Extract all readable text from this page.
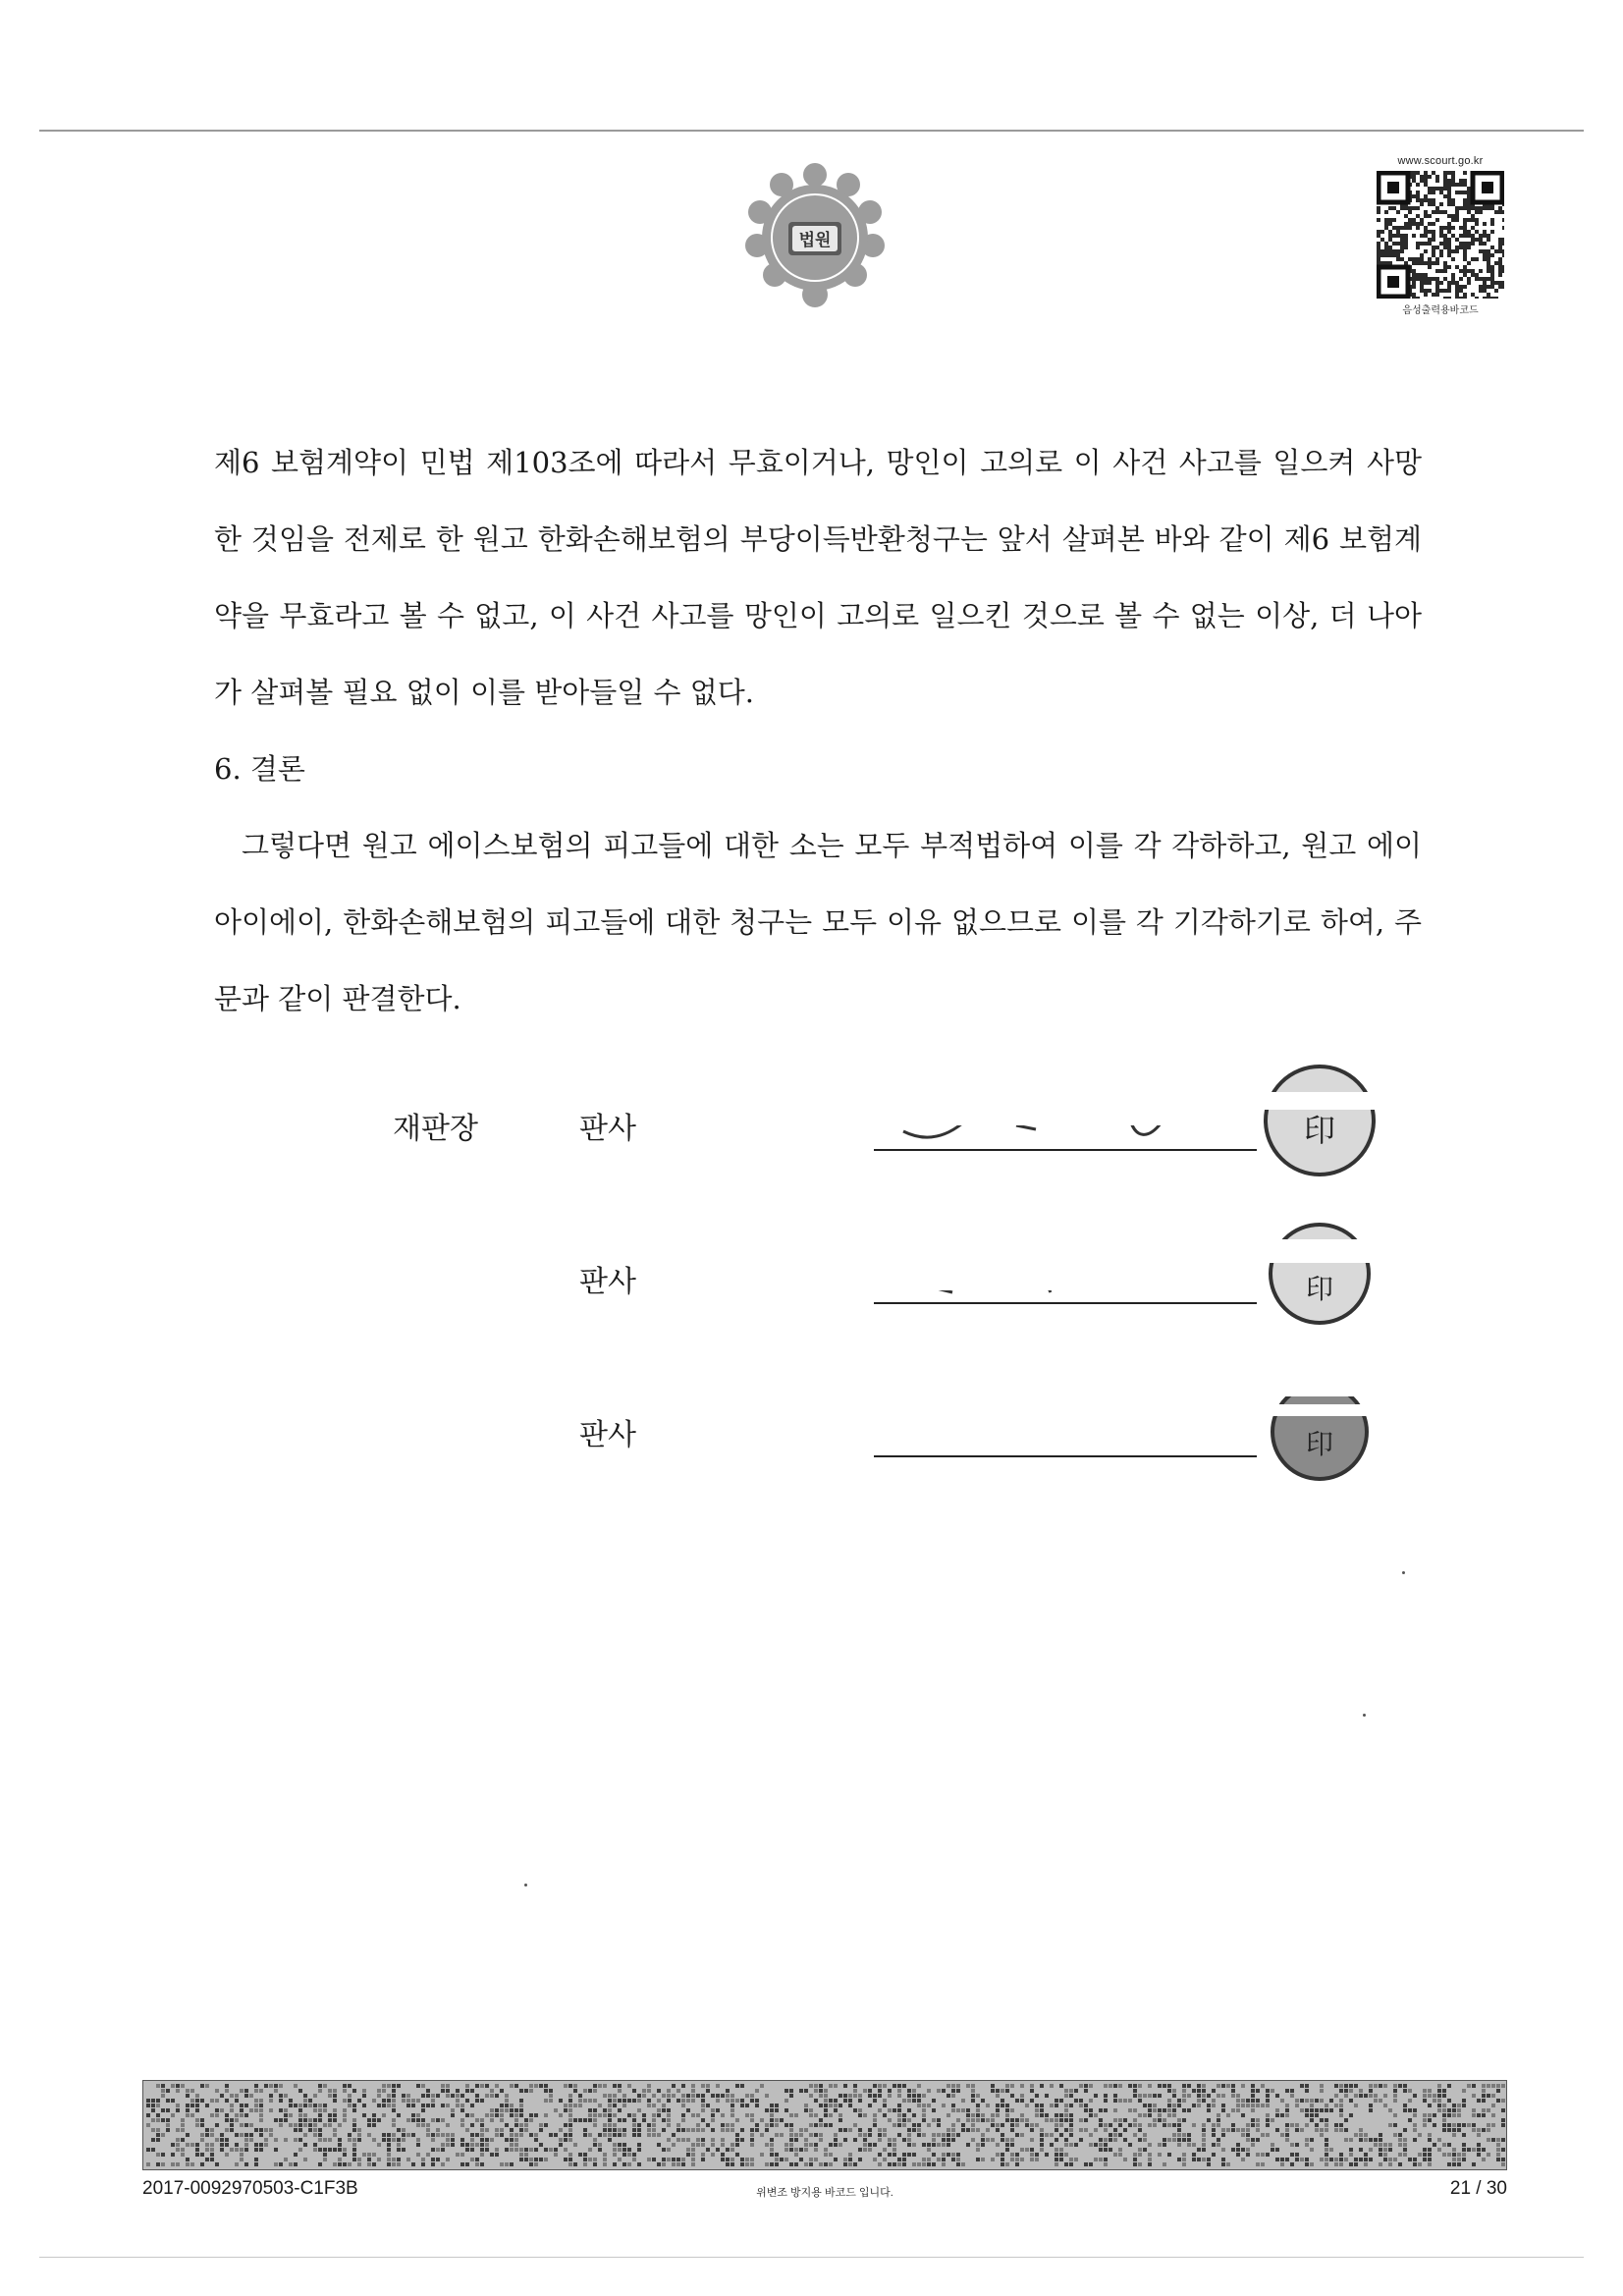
법원
www.scourt.go.kr
음성출력용바코드

제6 보험계약이 민법 제103조에 따라서 무효이거나, 망인이 고의로 이 사건 사고를 일으켜 사망한 것임을 전제로 한 원고 한화손해보험의 부당이득반환청구는 앞서 살펴본 바와 같이 제6 보험계약을 무효라고 볼 수 없고, 이 사건 사고를 망인이 고의로 일으킨 것으로 볼 수 없는 이상, 더 나아가 살펴볼 필요 없이 이를 받아들일 수 없다.

6. 결론

그렇다면 원고 에이스보험의 피고들에 대한 소는 모두 부적법하여 이를 각 각하하고, 원고 에이아이에이, 한화손해보험의 피고들에 대한 청구는 모두 이유 없으므로 이를 각 기각하기로 하여, 주문과 같이 판결한다.

재판장	판사	印
판사	印
판사	印
2017-0092970503-C1F3B	위변조 방지용 바코드 입니다.	21 / 30
